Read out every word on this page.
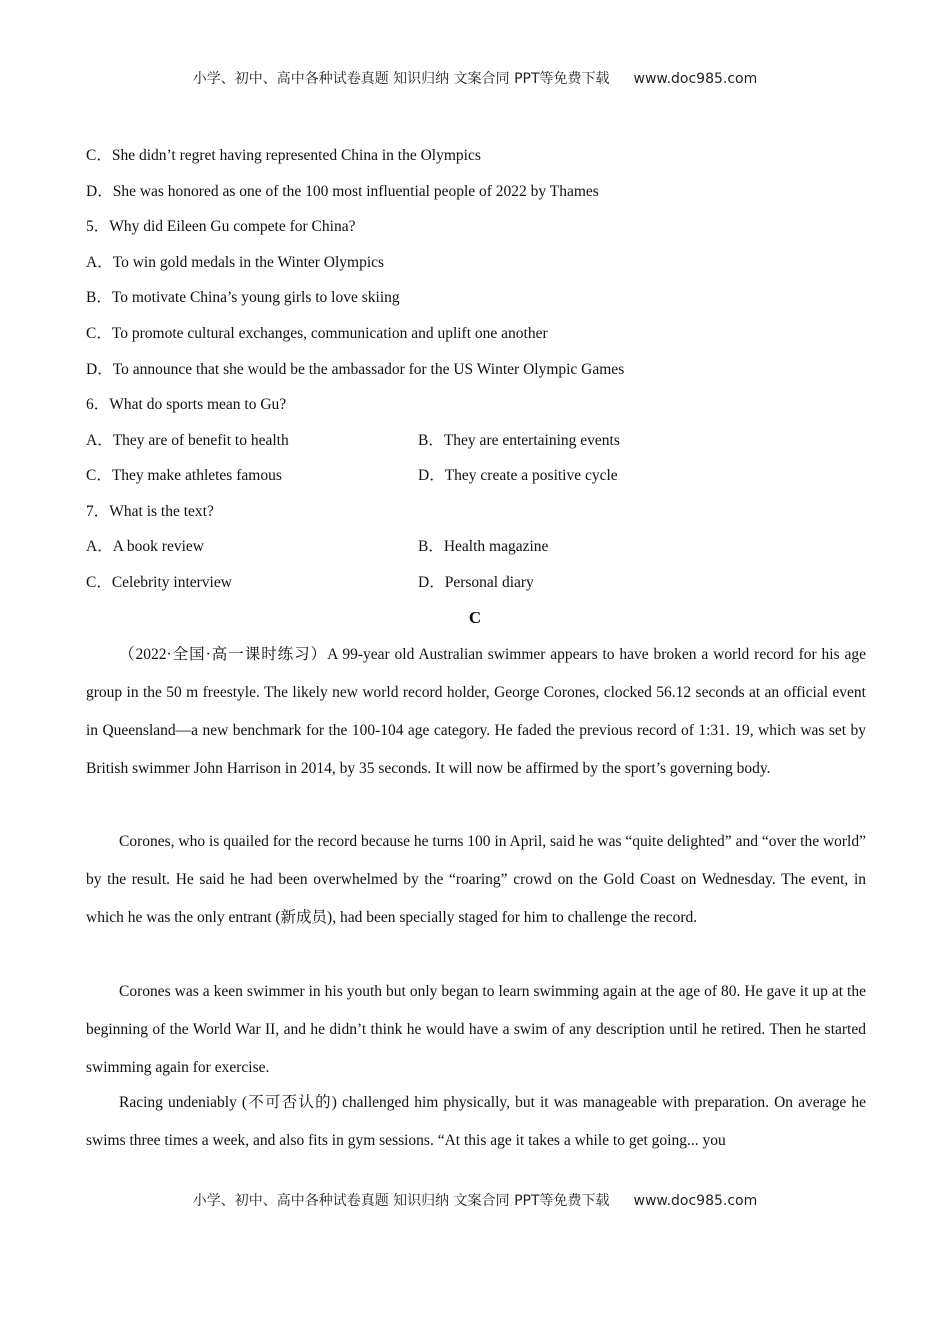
小学、初中、高中各种试卷真题 知识归纳 文案合同 PPT等免费下载 www.doc985.com
C．She didn’t regret having represented China in the Olympics
D．She was honored as one of the 100 most influential people of 2022 by Thames
5．Why did Eileen Gu compete for China?
A．To win gold medals in the Winter Olympics
B．To motivate China’s young girls to love skiing
C．To promote cultural exchanges, communication and uplift one another
D．To announce that she would be the ambassador for the US Winter Olympic Games
6．What do sports mean to Gu?
A．They are of benefit to health	B．They are entertaining events
C．They make athletes famous	D．They create a positive cycle
7．What is the text?
A．A book review	B．Health magazine
C．Celebrity interview	D．Personal diary
C

（2022·全国·高一课时练习）A 99-year old Australian swimmer appears to have broken a world record for his age group in the 50 m freestyle. The likely new world record holder, George Corones, clocked 56.12 seconds at an official event in Queensland—a new benchmark for the 100-104 age category. He faded the previous record of 1:31. 19, which was set by British swimmer John Harrison in 2014, by 35 seconds. It will now be affirmed by the sport’s governing body.

Corones, who is quailed for the record because he turns 100 in April, said he was “quite delighted” and “over the world” by the result. He said he had been overwhelmed by the “roaring” crowd on the Gold Coast on Wednesday. The event, in which he was the only entrant (新成员), had been specially staged for him to challenge the record.

Corones was a keen swimmer in his youth but only began to learn swimming again at the age of 80. He gave it up at the beginning of the World War II, and he didn’t think he would have a swim of any description until he retired. Then he started swimming again for exercise.

Racing undeniably (不可否认的) challenged him physically, but it was manageable with preparation. On average he swims three times a week, and also fits in gym sessions. “At this age it takes a while to get going... you

小学、初中、高中各种试卷真题 知识归纳 文案合同 PPT等免费下载 www.doc985.com
